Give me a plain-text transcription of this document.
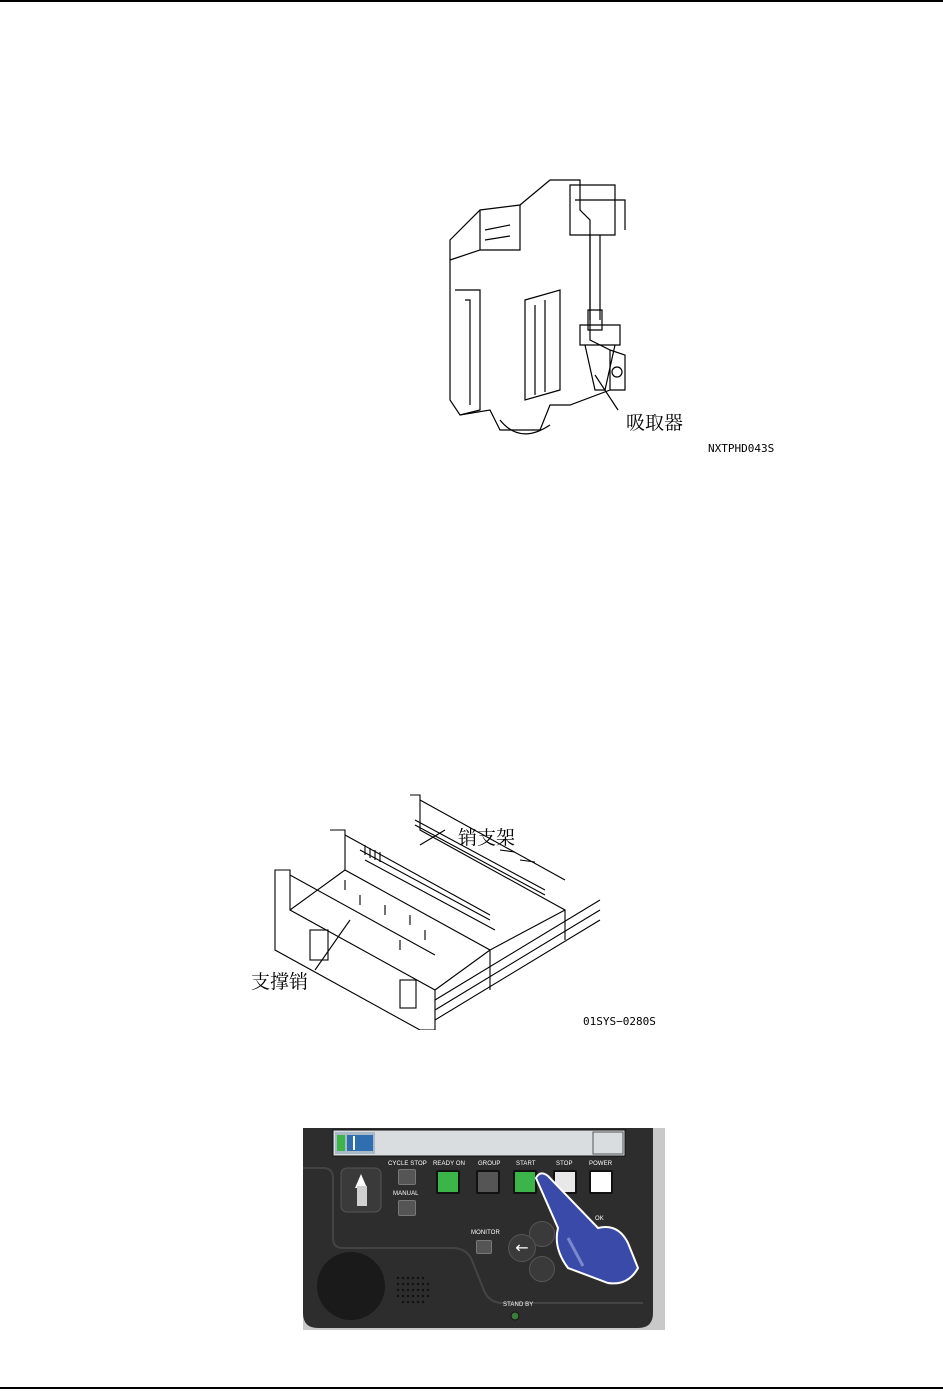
吸取器
NXTPHD043S
销支架
支撑销
01SYS−0280S
CYCLE STOP
MANUAL
READY ON GROUP	START	STOP	POWER
MONITOR
OK
←
STAND BY
